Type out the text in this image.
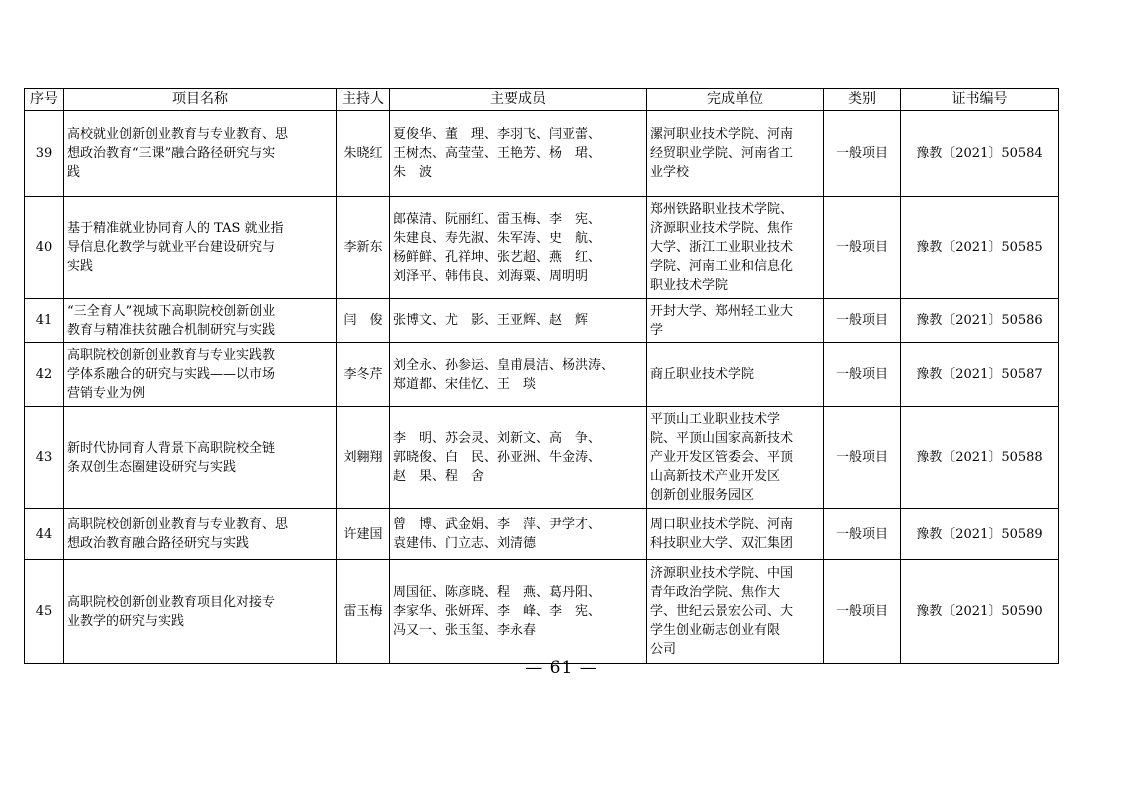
序号	项目名称	主持人	主要成员	完成单位	类别	证书编号
39	高校就业创新创业教育与专业教育、思
想政治教育“三课”融合路径研究与实
践	朱晓红	夏俊华、董　理、李羽飞、闫亚蕾、
王树杰、高莹莹、王艳芳、杨　珺、
朱　波	漯河职业技术学院、河南
经贸职业学院、河南省工
业学校	一般项目	豫教〔2021〕50584
40	基于精准就业协同育人的 TAS 就业指
导信息化教学与就业平台建设研究与
实践	李新东	郎葆清、阮丽红、雷玉梅、李　宪、
朱建良、寿先淑、朱军涛、史　航、
杨鲜鲜、孔祥坤、张艺超、燕　红、
刘泽平、韩伟良、刘海粟、周明明	郑州铁路职业技术学院、
济源职业技术学院、焦作
大学、浙江工业职业技术
学院、河南工业和信息化
职业技术学院	一般项目	豫教〔2021〕50585
41	“三全育人”视域下高职院校创新创业
教育与精准扶贫融合机制研究与实践	闫　俊	张博文、尤　影、王亚辉、赵　辉	开封大学、郑州轻工业大
学	一般项目	豫教〔2021〕50586
42	高职院校创新创业教育与专业实践教
学体系融合的研究与实践——以市场
营销专业为例	李冬芹	刘全永、孙参运、皇甫晨洁、杨洪涛、
郑道都、宋佳忆、王　琰	商丘职业技术学院	一般项目	豫教〔2021〕50587
43	新时代协同育人背景下高职院校全链
条双创生态圈建设研究与实践	刘翱翔	李　明、苏会灵、刘新文、高　争、
郭晓俊、白　民、孙亚洲、牛金涛、
赵　果、程　舍	平顶山工业职业技术学
院、平顶山国家高新技术
产业开发区管委会、平顶
山高新技术产业开发区
创新创业服务园区	一般项目	豫教〔2021〕50588
44	高职院校创新创业教育与专业教育、思
想政治教育融合路径研究与实践	许建国	曾　博、武金娟、李　萍、尹学才、
袁建伟、门立志、刘清德	周口职业技术学院、河南
科技职业大学、双汇集团	一般项目	豫教〔2021〕50589
45	高职院校创新创业教育项目化对接专
业教学的研究与实践	雷玉梅	周国征、陈彦晓、程　燕、葛丹阳、
李家华、张妍珲、李　峰、李　宪、
冯又一、张玉玺、李永春	济源职业技术学院、中国
青年政治学院、焦作大
学、世纪云景宏公司、大
学生创业砺志创业有限
公司	一般项目	豫教〔2021〕50590
— 61 —
